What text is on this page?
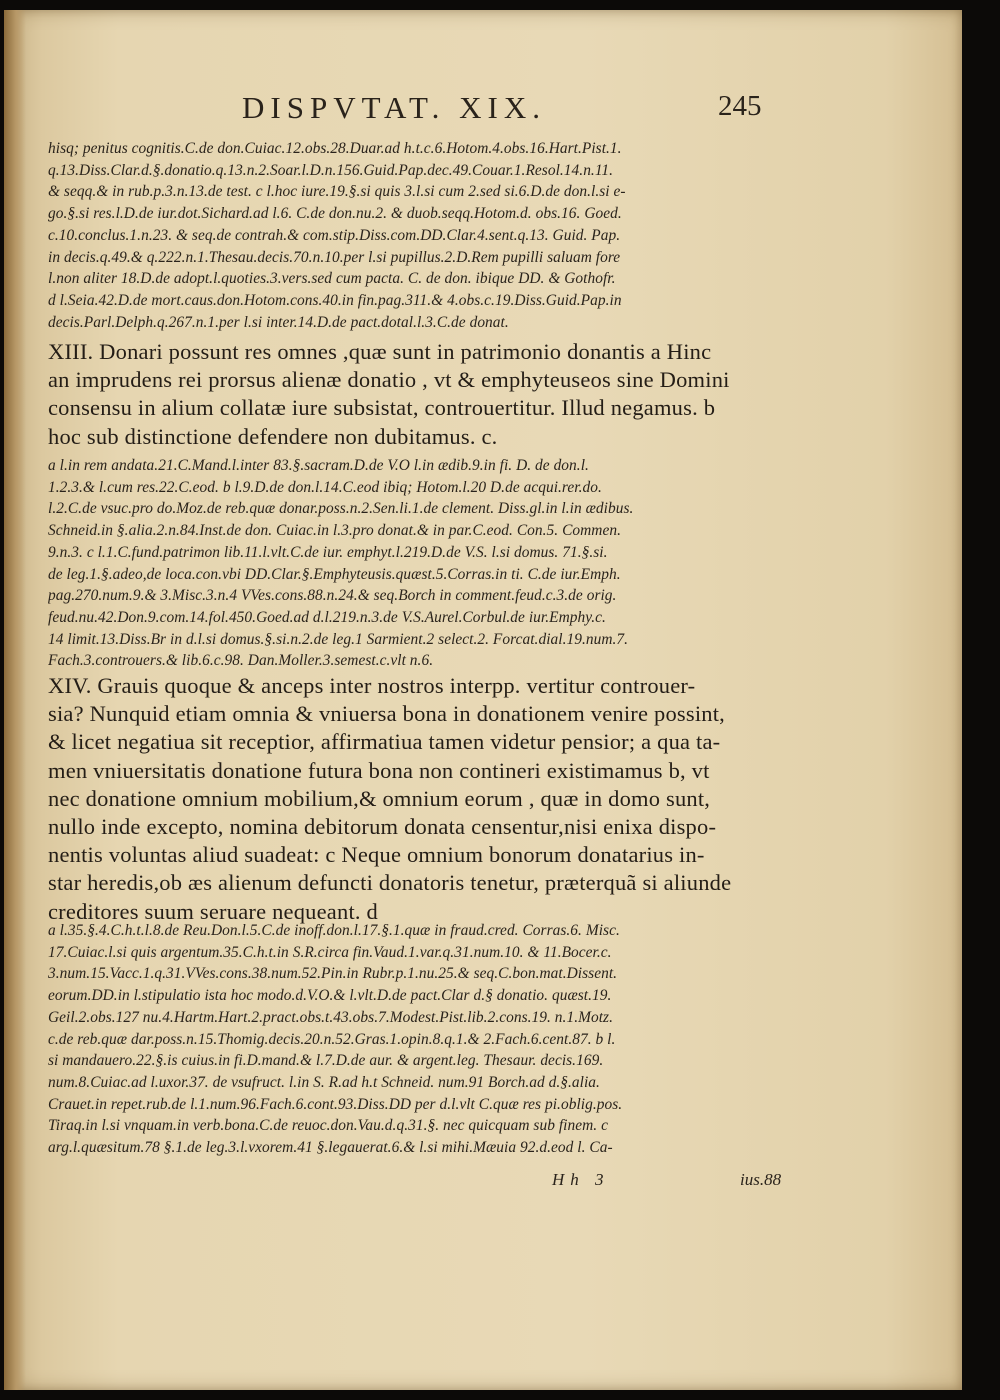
DISPVTAT. XIX.	245
hisq; penitus cognitis.C.de don.Cuiac.12.obs.28.Duar.ad h.t.c.6.Hotom.4.obs.16.Hart.Pist.1.
q.13.Diss.Clar.d.§.donatio.q.13.n.2.Soar.l.D.n.156.Guid.Pap.dec.49.Couar.1.Resol.14.n.11.
& seqq.& in rub.p.3.n.13.de test. c l.hoc iure.19.§.si quis 3.l.si cum 2.sed si.6.D.de don.l.si e-
go.§.si res.l.D.de iur.dot.Sichard.ad l.6. C.de don.nu.2. & duob.seqq.Hotom.d. obs.16. Goed.
c.10.conclus.1.n.23. & seq.de contrah.& com.stip.Diss.com.DD.Clar.4.sent.q.13. Guid. Pap.
in decis.q.49.& q.222.n.1.Thesau.decis.70.n.10.per l.si pupillus.2.D.Rem pupilli saluam fore
l.non aliter 18.D.de adopt.l.quoties.3.vers.sed cum pacta. C. de don. ibique DD. & Gothofr.
d l.Seia.42.D.de mort.caus.don.Hotom.cons.40.in fin.pag.311.& 4.obs.c.19.Diss.Guid.Pap.in
decis.Parl.Delph.q.267.n.1.per l.si inter.14.D.de pact.dotal.l.3.C.de donat.
XIII. Donari possunt res omnes ,quæ sunt in patrimonio donantis a Hinc
an imprudens rei prorsus alienæ donatio , vt & emphyteuseos sine Domini
consensu in alium collatæ iure subsistat, controuertitur. Illud negamus. b
hoc sub distinctione defendere non dubitamus. c.
a l.in rem andata.21.C.Mand.l.inter 83.§.sacram.D.de V.O l.in ædib.9.in fi. D. de don.l.
1.2.3.& l.cum res.22.C.eod. b l.9.D.de don.l.14.C.eod ibiq; Hotom.l.20 D.de acqui.rer.do.
l.2.C.de vsuc.pro do.Moz.de reb.quæ donar.poss.n.2.Sen.li.1.de clement. Diss.gl.in l.in ædibus.
Schneid.in §.alia.2.n.84.Inst.de don. Cuiac.in l.3.pro donat.& in par.C.eod. Con.5. Commen.
9.n.3. c l.1.C.fund.patrimon lib.11.l.vlt.C.de iur. emphyt.l.219.D.de V.S. l.si domus. 71.§.si.
de leg.1.§.adeo,de loca.con.vbi DD.Clar.§.Emphyteusis.quæst.5.Corras.in ti. C.de iur.Emph.
pag.270.num.9.& 3.Misc.3.n.4 VVes.cons.88.n.24.& seq.Borch in comment.feud.c.3.de orig.
feud.nu.42.Don.9.com.14.fol.450.Goed.ad d.l.219.n.3.de V.S.Aurel.Corbul.de iur.Emphy.c.
14 limit.13.Diss.Br in d.l.si domus.§.si.n.2.de leg.1 Sarmient.2 select.2. Forcat.dial.19.num.7.
Fach.3.controuers.& lib.6.c.98. Dan.Moller.3.semest.c.vlt n.6.
XIV. Grauis quoque & anceps inter nostros interpp. vertitur controuer-
sia? Nunquid etiam omnia & vniuersa bona in donationem venire possint,
& licet negatiua sit receptior, affirmatiua tamen videtur pensior; a qua ta-
men vniuersitatis donatione futura bona non contineri existimamus b, vt
nec donatione omnium mobilium,& omnium eorum , quæ in domo sunt,
nullo inde excepto, nomina debitorum donata censentur,nisi enixa dispo-
nentis voluntas aliud suadeat: c Neque omnium bonorum donatarius in-
star heredis,ob æs alienum defuncti donatoris tenetur, præterquã si aliunde
creditores suum seruare nequeant. d
a l.35.§.4.C.h.t.l.8.de Reu.Don.l.5.C.de inoff.don.l.17.§.1.quæ in fraud.cred. Corras.6. Misc.
17.Cuiac.l.si quis argentum.35.C.h.t.in S.R.circa fin.Vaud.1.var.q.31.num.10. & 11.Bocer.c.
3.num.15.Vacc.1.q.31.VVes.cons.38.num.52.Pin.in Rubr.p.1.nu.25.& seq.C.bon.mat.Dissent.
eorum.DD.in l.stipulatio ista hoc modo.d.V.O.& l.vlt.D.de pact.Clar d.§ donatio. quæst.19.
Geil.2.obs.127 nu.4.Hartm.Hart.2.pract.obs.t.43.obs.7.Modest.Pist.lib.2.cons.19. n.1.Motz.
c.de reb.quæ dar.poss.n.15.Thomig.decis.20.n.52.Gras.1.opin.8.q.1.& 2.Fach.6.cent.87. b l.
si mandauero.22.§.is cuius.in fi.D.mand.& l.7.D.de aur. & argent.leg. Thesaur. decis.169.
num.8.Cuiac.ad l.uxor.37. de vsufruct. l.in S. R.ad h.t Schneid. num.91 Borch.ad d.§.alia.
Crauet.in repet.rub.de l.1.num.96.Fach.6.cont.93.Diss.DD per d.l.vlt C.quæ res pi.oblig.pos.
Tiraq.in l.si vnquam.in verb.bona.C.de reuoc.don.Vau.d.q.31.§. nec quicquam sub finem. c
arg.l.quæsitum.78 §.1.de leg.3.l.vxorem.41 §.legauerat.6.& l.si mihi.Mæuia 92.d.eod l. Ca-
Hh 3	ius.88
